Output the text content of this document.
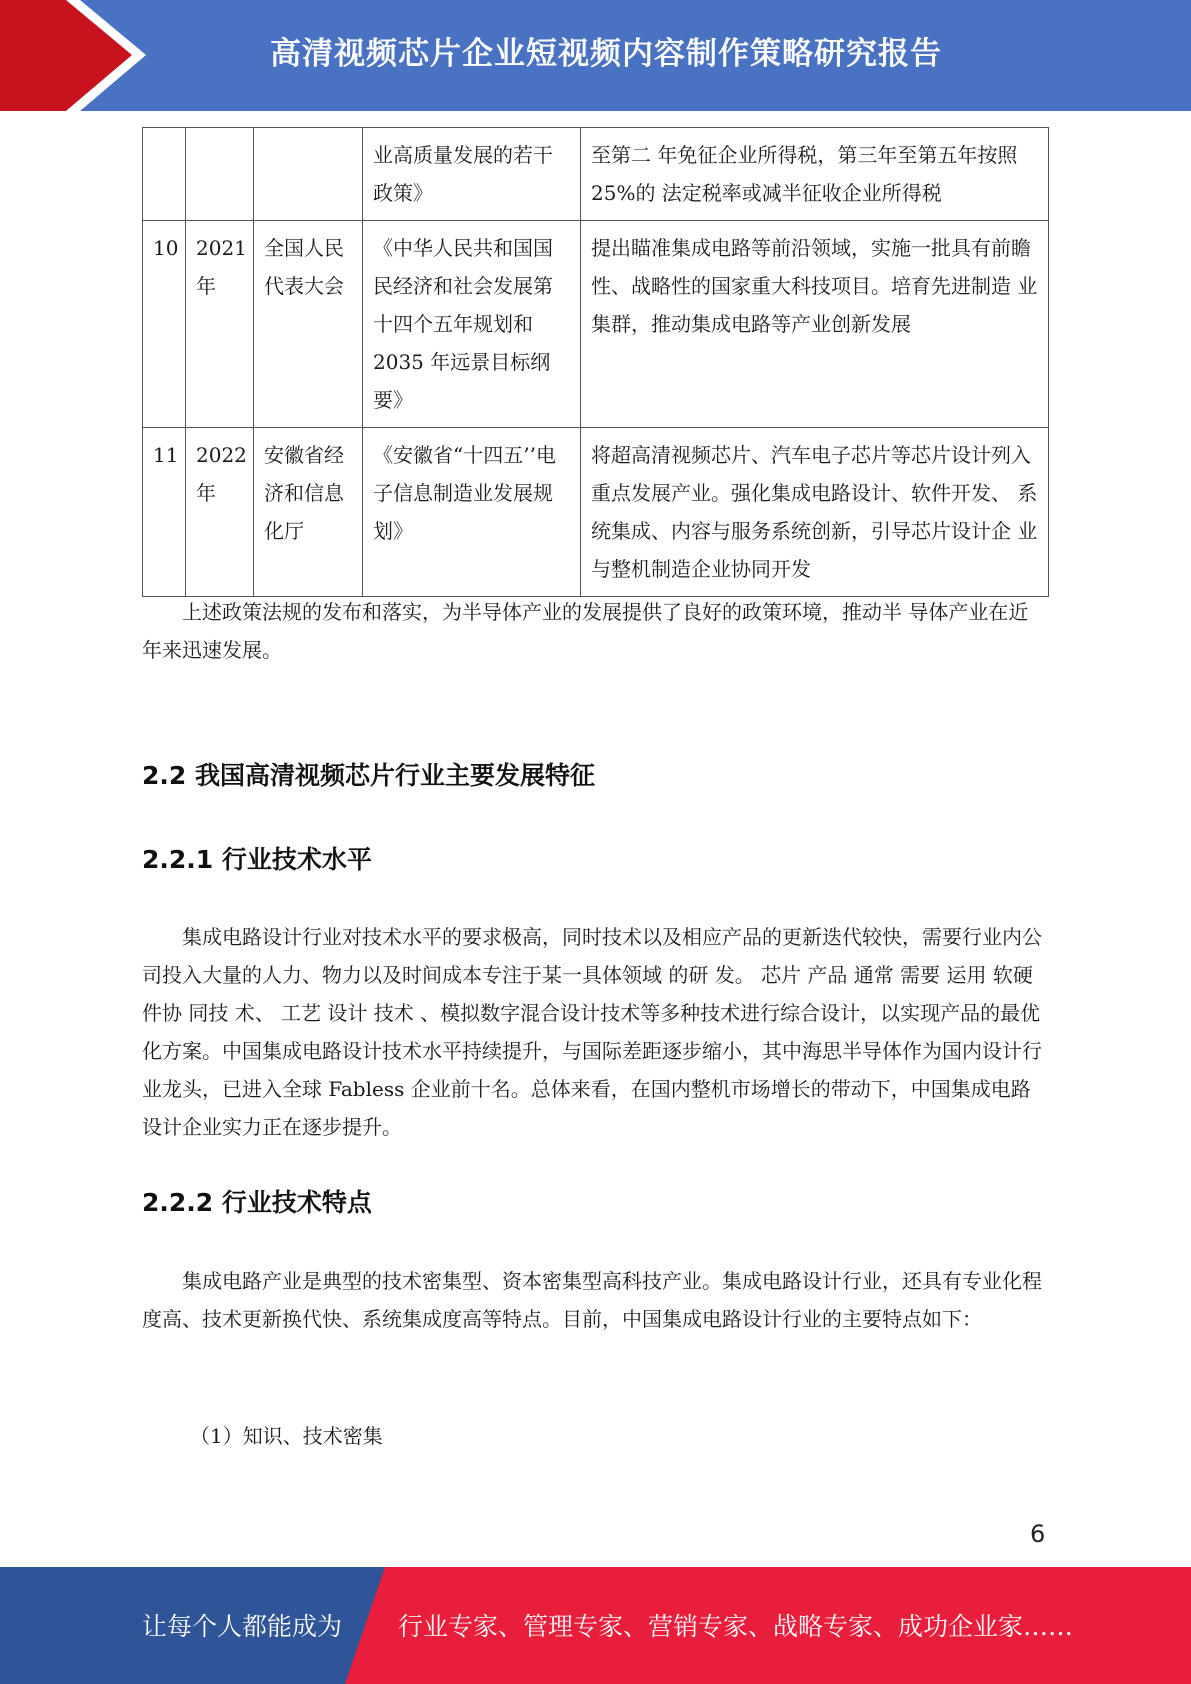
高清视频芯片企业短视频内容制作策略研究报告
			业高质量发展的若干政策》	至第二 年免征企业所得税，第三年至第五年按照 25%的 法定税率或减半征收企业所得税
10	2021年	全国人民代表大会	《中华人民共和国国民经济和社会发展第十四个五年规划和 2035 年远景目标纲要》	提出瞄准集成电路等前沿领域，实施一批具有前瞻性、战略性的国家重大科技项目。培育先进制造 业集群，推动集成电路等产业创新发展
11	2022年	安徽省经济和信息化厅	《安徽省“十四五’’电子信息制造业发展规划》	将超高清视频芯片、汽车电子芯片等芯片设计列入重点发展产业。强化集成电路设计、软件开发、 系统集成、内容与服务系统创新，引导芯片设计企 业与整机制造企业协同开发

上述政策法规的发布和落实，为半导体产业的发展提供了良好的政策环境，推动半 导体产业在近年来迅速发展。

2.2 我国高清视频芯片行业主要发展特征
2.2.1 行业技术水平

集成电路设计行业对技术水平的要求极高，同时技术以及相应产品的更新迭代较快，需要行业内公司投入大量的人力、物力以及时间成本专注于某一具体领域 的研 发。 芯片 产品 通常 需要 运用 软硬 件协 同技 术、 工艺 设计 技术 、模拟数字混合设计技术等多种技术进行综合设计，以实现产品的最优化方案。中国集成电路设计技术水平持续提升，与国际差距逐步缩小，其中海思半导体作为国内设计行业龙头，已进入全球 Fabless 企业前十名。总体来看，在国内整机市场增长的带动下，中国集成电路设计企业实力正在逐步提升。

2.2.2 行业技术特点

集成电路产业是典型的技术密集型、资本密集型高科技产业。集成电路设计行业，还具有专业化程度高、技术更新换代快、系统集成度高等特点。目前，中国集成电路设计行业的主要特点如下：

（1）知识、技术密集

6
让每个人都能成为 行业专家、管理专家、营销专家、战略专家、成功企业家……
